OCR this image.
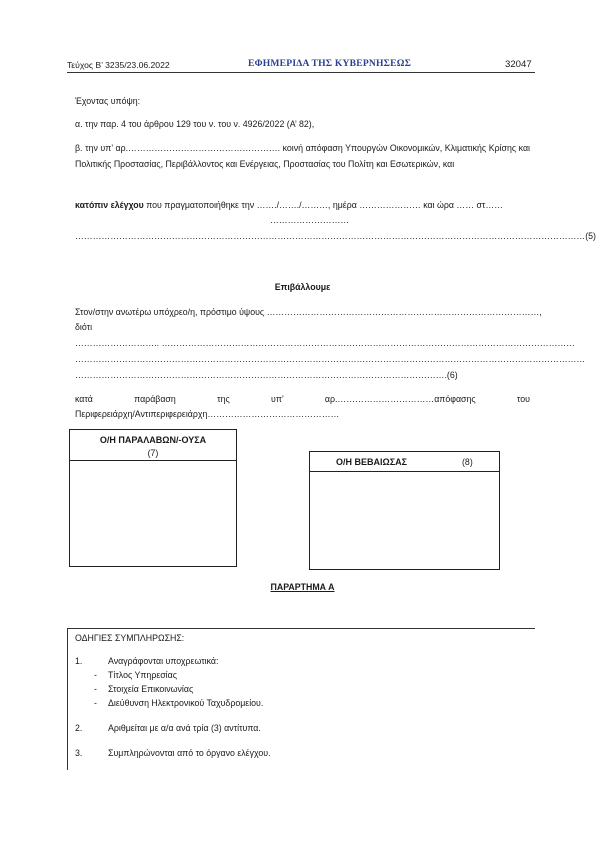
Τεύχος Β’ 3235/23.06.2022	ΕΦΗΜΕΡΙΔΑ ΤΗΣ ΚΥΒΕΡΝΗΣΕΩΣ	32047
Έχοντας υπόψη:
α. την παρ. 4 του άρθρου 129 του ν. του ν. 4926/2022 (Α’ 82),
β. την υπ’ αρ.……………………………………………. κοινή απόφαση Υπουργών Οικονομικών, Κλιματικής Κρίσης και Πολιτικής Προστασίας, Περιβάλλοντος και Ενέργειας, Προστασίας του Πολίτη και Εσωτερικών, και
κατόπιν ελέγχου που πραγματοποιήθηκε την ……./……./………, ημέρα ………………… και ώρα …… στ……
………………………
…………………………………………………………………………………………………………………………………………………………(5)
Επιβάλλουμε
Στον/στην ανωτέρω υπόχρεο/η, πρόστιμο ύψους …………………………………………………………………………………,
διότι
……………………….. ……………………………………………………………………………………………………………………………
…………………………………………………………………………………………………………………………………………………………
……………………………………………………………………………………………………………….(6)
κατά παράβαση της υπ’ αρ.……………………………απόφασης του
Περιφερειάρχη/Αντιπεριφερειάρχη………………………………………
Ο/Η ΠΑΡΑΛΑΒΩΝ/-ΟΥΣΑ
(7)
Ο/Η ΒΕΒΑΙΩΣΑΣ	(8)
ΠΑΡΑΡΤΗΜΑ Α
ΟΔΗΓΙΕΣ ΣΥΜΠΛΗΡΩΣΗΣ:
1.	Αναγράφονται υποχρεωτικά:
- Τίτλος Υπηρεσίας
- Στοιχεία Επικοινωνίας
- Διεύθυνση Ηλεκτρονικού Ταχυδρομείου.
2.	Αριθμείται με α/α ανά τρία (3) αντίτυπα.
3.	Συμπληρώνονται από το όργανο ελέγχου.
